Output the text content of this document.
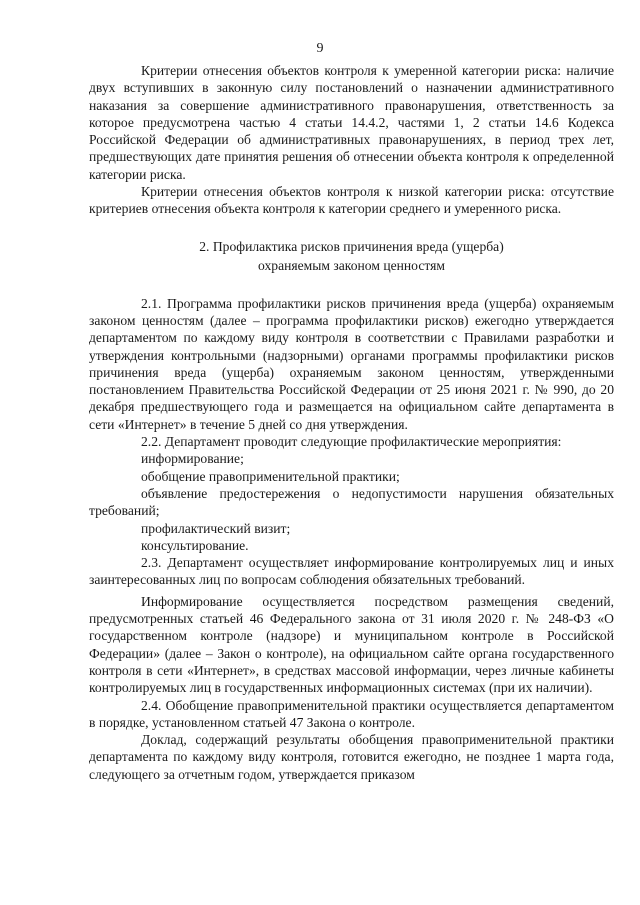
9

Критерии отнесения объектов контроля к умеренной категории риска: наличие двух вступивших в законную силу постановлений о назначении административного наказания за совершение административного правонарушения, ответственность за которое предусмотрена частью 4 статьи 14.4.2, частями 1, 2 статьи 14.6 Кодекса Российской Федерации об административных правонарушениях, в период трех лет, предшествующих дате принятия решения об отнесении объекта контроля к определенной категории риска.

Критерии отнесения объектов контроля к низкой категории риска: отсутствие критериев отнесения объекта контроля к категории среднего и умеренного риска.

2. Профилактика рисков причинения вреда (ущерба)
охраняемым законом ценностям

2.1. Программа профилактики рисков причинения вреда (ущерба) охраняемым законом ценностям (далее – программа профилактики рисков) ежегодно утверждается департаментом по каждому виду контроля в соответствии с Правилами разработки и утверждения контрольными (надзорными) органами программы профилактики рисков причинения вреда (ущерба) охраняемым законом ценностям, утвержденными постановлением Правительства Российской Федерации от 25 июня 2021 г. № 990, до 20 декабря предшествующего года и размещается на официальном сайте департамента в сети «Интернет» в течение 5 дней со дня утверждения.

2.2. Департамент проводит следующие профилактические мероприятия:

информирование;

обобщение правоприменительной практики;

объявление предостережения о недопустимости нарушения обязательных требований;

профилактический визит;

консультирование.

2.3. Департамент осуществляет информирование контролируемых лиц и иных заинтересованных лиц по вопросам соблюдения обязательных требований.

Информирование осуществляется посредством размещения сведений, предусмотренных статьей 46 Федерального закона от 31 июля 2020 г. № 248-ФЗ «О государственном контроле (надзоре) и муниципальном контроле в Российской Федерации» (далее – Закон о контроле), на официальном сайте органа государственного контроля в сети «Интернет», в средствах массовой информации, через личные кабинеты контролируемых лиц в государственных информационных системах (при их наличии).

2.4. Обобщение правоприменительной практики осуществляется департаментом в порядке, установленном статьей 47 Закона о контроле.

Доклад, содержащий результаты обобщения правоприменительной практики департамента по каждому виду контроля, готовится ежегодно, не позднее 1 марта года, следующего за отчетным годом, утверждается приказом
